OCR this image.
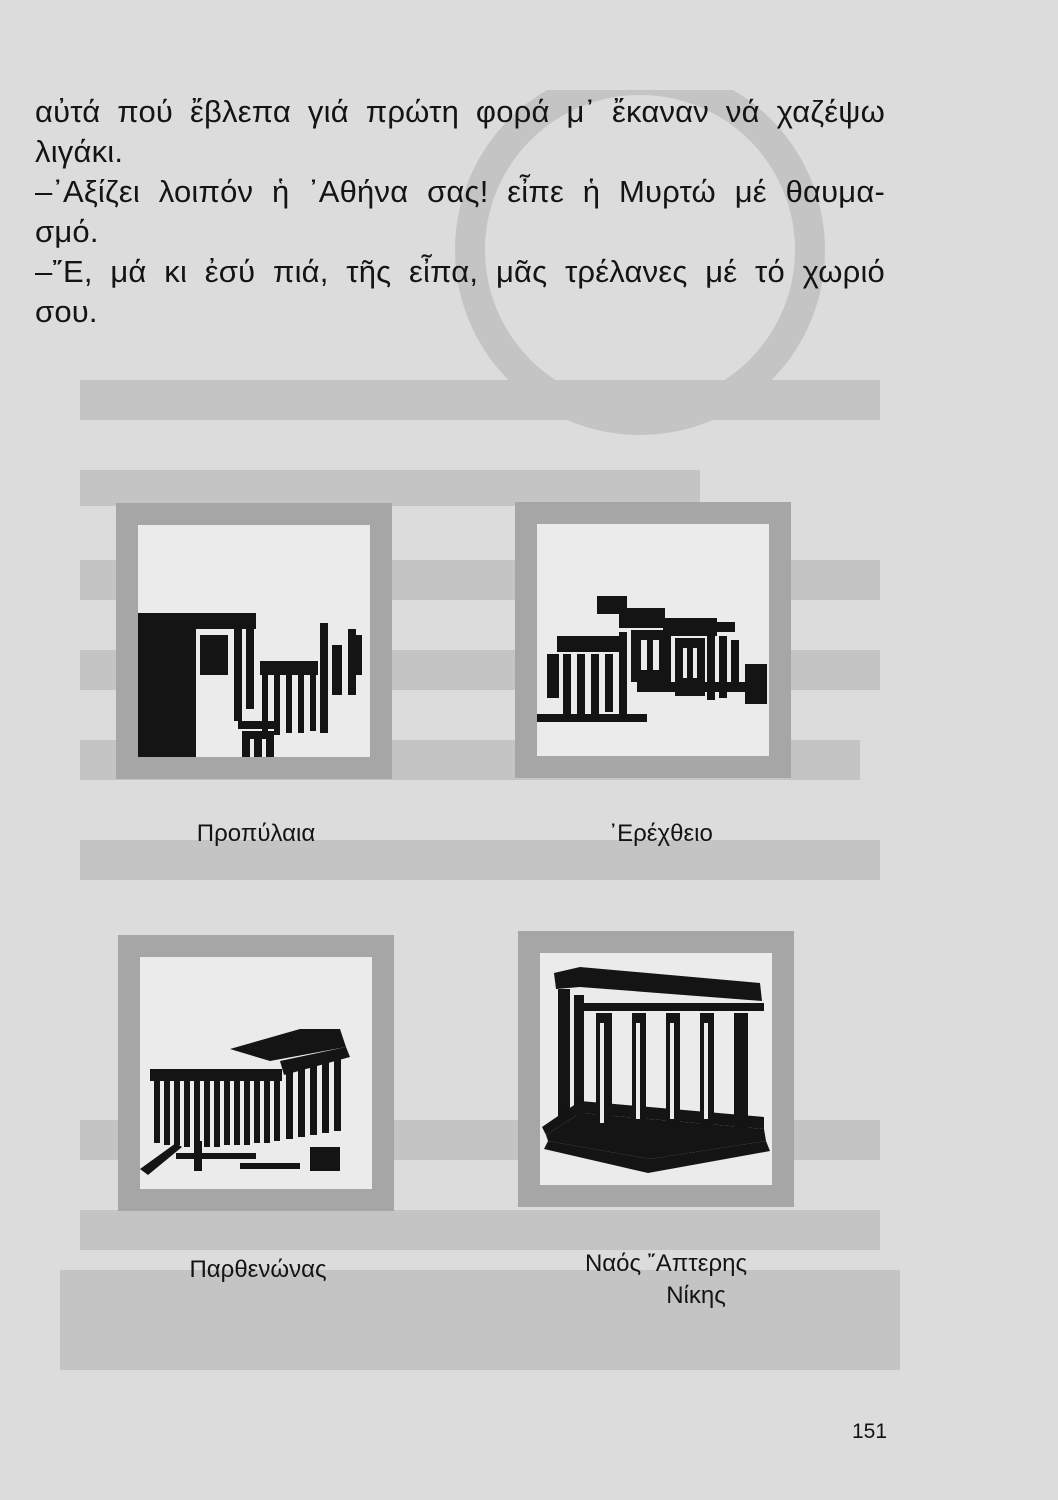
αὐτά πού ἔβλεπα γιά πρώτη φορά μ᾿ ἔκαναν νά χαζέψω

λιγάκι.

–᾿Αξίζει λοιπόν ἡ ᾿Αθήνα σας! εἶπε ἡ Μυρτώ μέ θαυμα-

σμό.

–῎Ε, μά κι ἐσύ πιά, τῆς εἶπα, μᾶς τρέλανες μέ τό χωριό

σου.

Προπύλαια	᾿Ερέχθειο
Παρθενώνας	Ναός ῎Απτερης
Νίκης
151
